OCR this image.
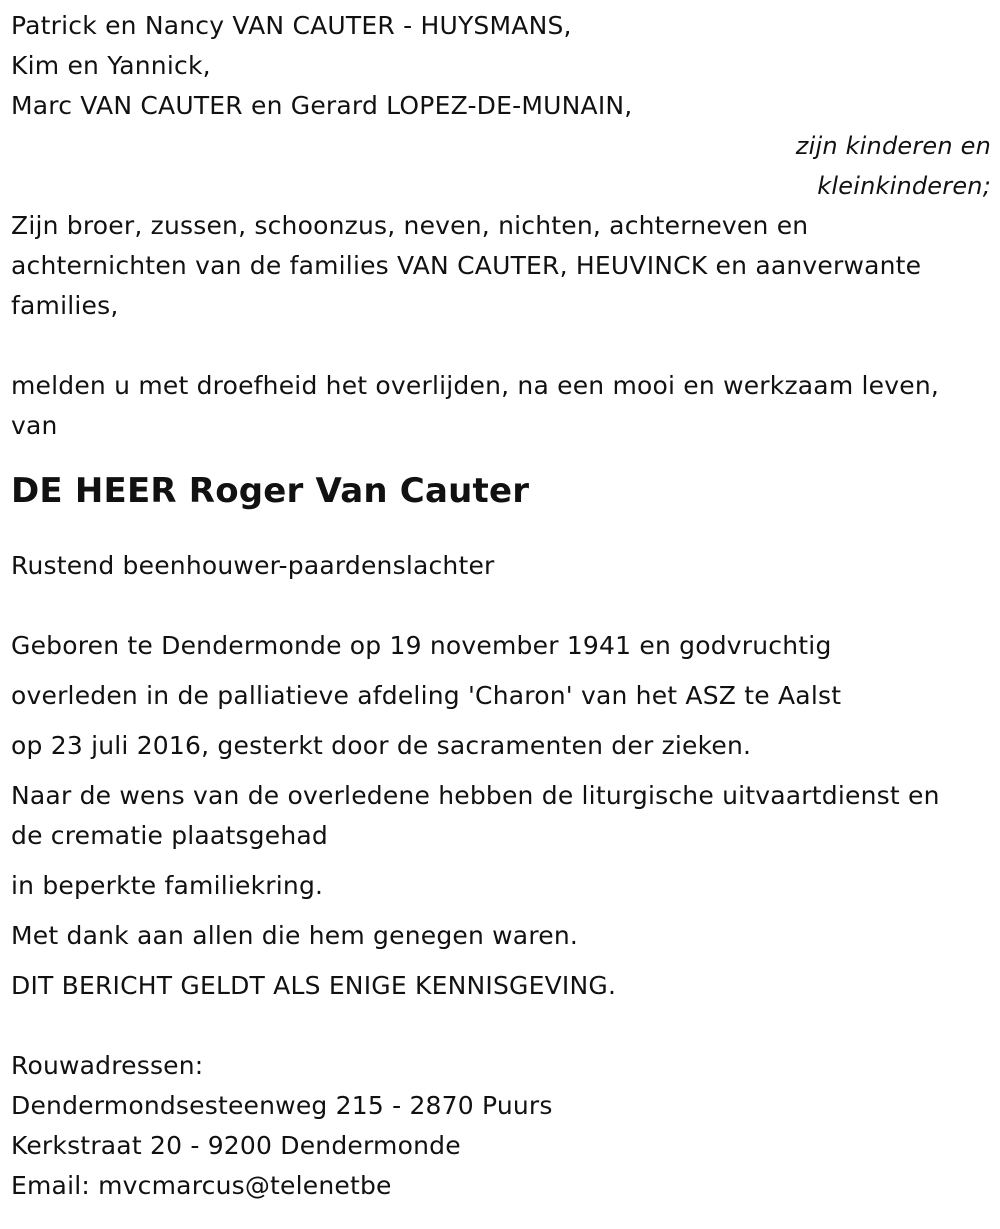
Patrick en Nancy VAN CAUTER - HUYSMANS,
Kim en Yannick,
Marc VAN CAUTER en Gerard LOPEZ-DE-MUNAIN,
zijn kinderen en
kleinkinderen;
Zijn broer, zussen, schoonzus, neven, nichten, achterneven en
achternichten van de families VAN CAUTER, HEUVINCK en aanverwante
families,
melden u met droefheid het overlijden, na een mooi en werkzaam leven,
van
DE HEER Roger Van Cauter
Rustend beenhouwer-paardenslachter
Geboren te Dendermonde op 19 november 1941 en godvruchtig
overleden in de palliatieve afdeling 'Charon' van het ASZ te Aalst
op 23 juli 2016, gesterkt door de sacramenten der zieken.
Naar de wens van de overledene hebben de liturgische uitvaartdienst en
de crematie plaatsgehad
in beperkte familiekring.
Met dank aan allen die hem genegen waren.
DIT BERICHT GELDT ALS ENIGE KENNISGEVING.
Rouwadressen:
Dendermondsesteenweg 215 - 2870 Puurs
Kerkstraat 20 - 9200 Dendermonde
Email: mvcmarcus@telenetbe
